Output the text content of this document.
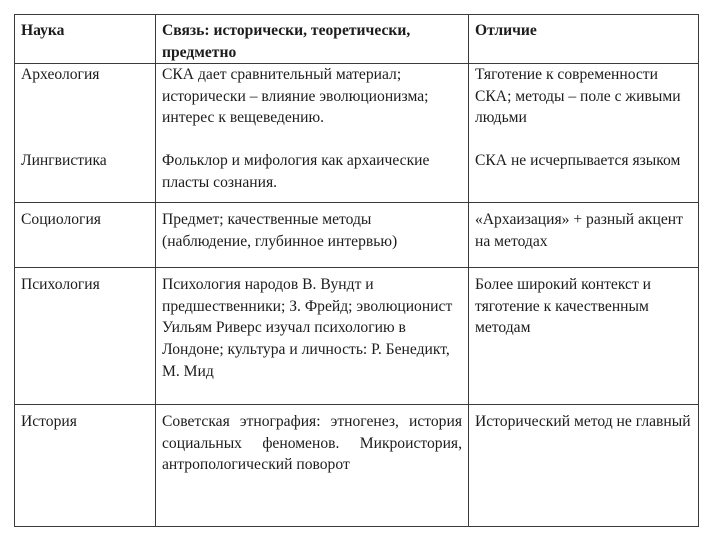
Наука	Связь: исторически, теоретически, предметно	Отличие

Археология	СКА дает сравнительный материал; исторически – влияние эволюционизма; интерес к вещеведению.	Тяготение к современности СКА; методы – поле с живыми людьми

Лингвистика	Фольклор и мифология как архаические пласты сознания.	СКА не исчерпывается языком

Социология	Предмет; качественные методы (наблюдение, глубинное интервью)	«Архаизация» + разный акцент на методах

Психология	Психология народов В. Вундт и предшественники; З. Фрейд; эволюционист Уильям Риверс изучал психологию в Лондоне; культура и личность: Р. Бенедикт, М. Мид	Более широкий контекст и тяготение к качественным методам

История	Советская этнография: этногенез, история социальных феноменов. Микроистория, антропологический поворот	Исторический метод не главный
